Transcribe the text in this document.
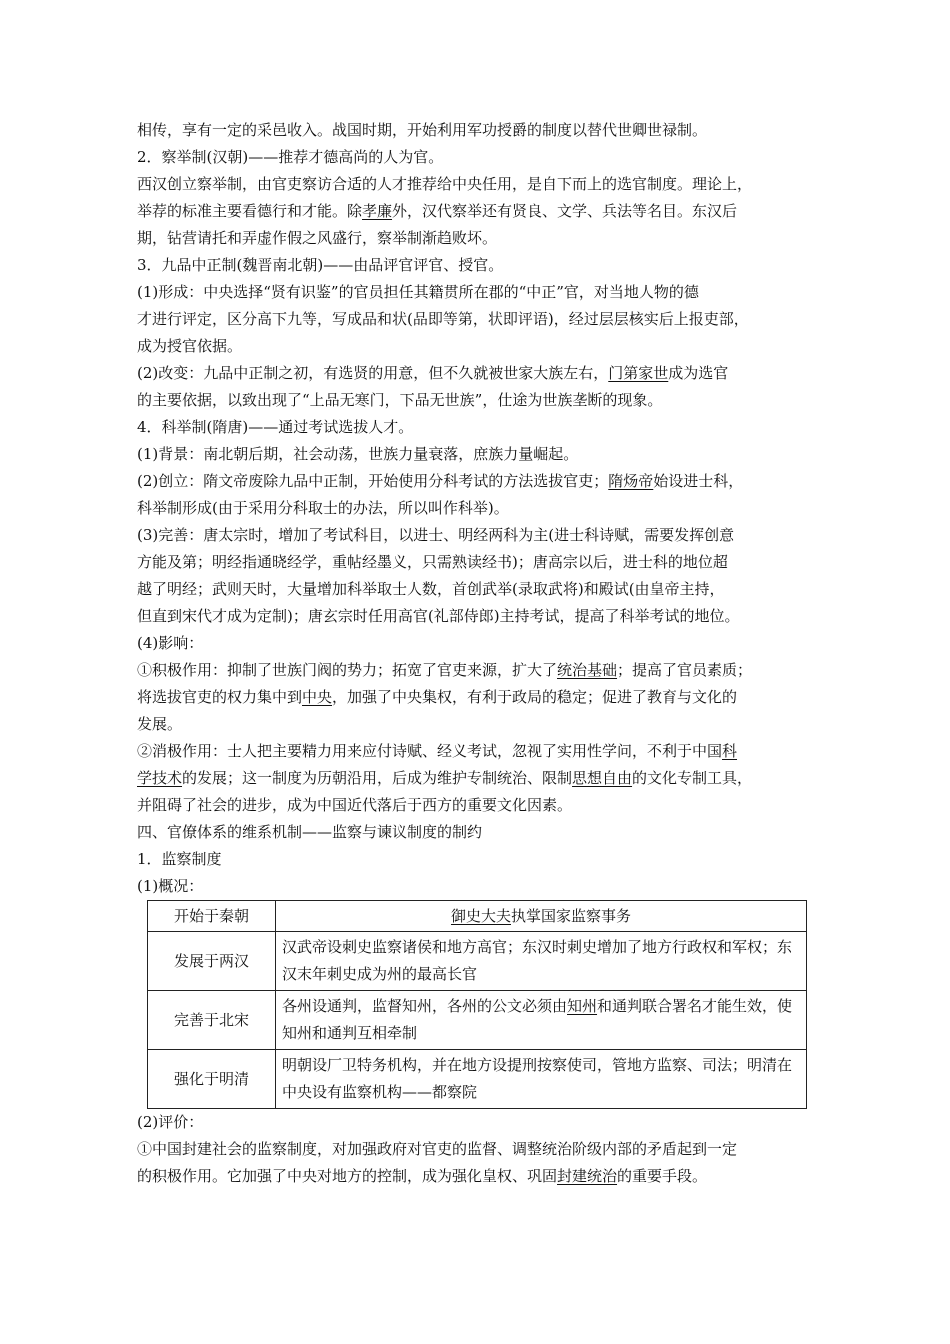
相传，享有一定的采邑收入。战国时期，开始利用军功授爵的制度以替代世卿世禄制。

2．察举制(汉朝)——推荐才德高尚的人为官。

西汉创立察举制，由官吏察访合适的人才推荐给中央任用，是自下而上的选官制度。理论上，

举荐的标准主要看德行和才能。除孝廉外，汉代察举还有贤良、文学、兵法等名目。东汉后

期，钻营请托和弄虚作假之风盛行，察举制渐趋败坏。

3．九品中正制(魏晋南北朝)——由品评官评官、授官。

(1)形成：中央选择“贤有识鉴”的官员担任其籍贯所在郡的“中正”官，对当地人物的德

才进行评定，区分高下九等，写成品和状(品即等第，状即评语)，经过层层核实后上报吏部，

成为授官依据。

(2)改变：九品中正制之初，有选贤的用意，但不久就被世家大族左右，门第家世成为选官

的主要依据，以致出现了“上品无寒门，下品无世族”，仕途为世族垄断的现象。

4．科举制(隋唐)——通过考试选拔人才。

(1)背景：南北朝后期，社会动荡，世族力量衰落，庶族力量崛起。

(2)创立：隋文帝废除九品中正制，开始使用分科考试的方法选拔官吏；隋炀帝始设进士科，

科举制形成(由于采用分科取士的办法，所以叫作科举)。

(3)完善：唐太宗时，增加了考试科目，以进士、明经两科为主(进士科诗赋，需要发挥创意

方能及第；明经指通晓经学，重帖经墨义，只需熟读经书)；唐高宗以后，进士科的地位超

越了明经；武则天时，大量增加科举取士人数，首创武举(录取武将)和殿试(由皇帝主持，

但直到宋代才成为定制)；唐玄宗时任用高官(礼部侍郎)主持考试，提高了科举考试的地位。

(4)影响：

①积极作用：抑制了世族门阀的势力；拓宽了官吏来源，扩大了统治基础；提高了官员素质；

将选拔官吏的权力集中到中央，加强了中央集权，有利于政局的稳定；促进了教育与文化的

发展。

②消极作用：士人把主要精力用来应付诗赋、经义考试，忽视了实用性学问，不利于中国科

学技术的发展；这一制度为历朝沿用，后成为维护专制统治、限制思想自由的文化专制工具，

并阻碍了社会的进步，成为中国近代落后于西方的重要文化因素。

四、官僚体系的维系机制——监察与谏议制度的制约

1．监察制度

(1)概况：

开始于秦朝	御史大夫执掌国家监察事务
发展于两汉	汉武帝设刺史监察诸侯和地方高官；东汉时刺史增加了地方行政权和军权；东汉末年刺史成为州的最高长官
完善于北宋	各州设通判，监督知州，各州的公文必须由知州和通判联合署名才能生效，使知州和通判互相牵制
强化于明清	明朝设厂卫特务机构，并在地方设提刑按察使司，管地方监察、司法；明清在中央设有监察机构——都察院

(2)评价：

①中国封建社会的监察制度，对加强政府对官吏的监督、调整统治阶级内部的矛盾起到一定

的积极作用。它加强了中央对地方的控制，成为强化皇权、巩固封建统治的重要手段。
